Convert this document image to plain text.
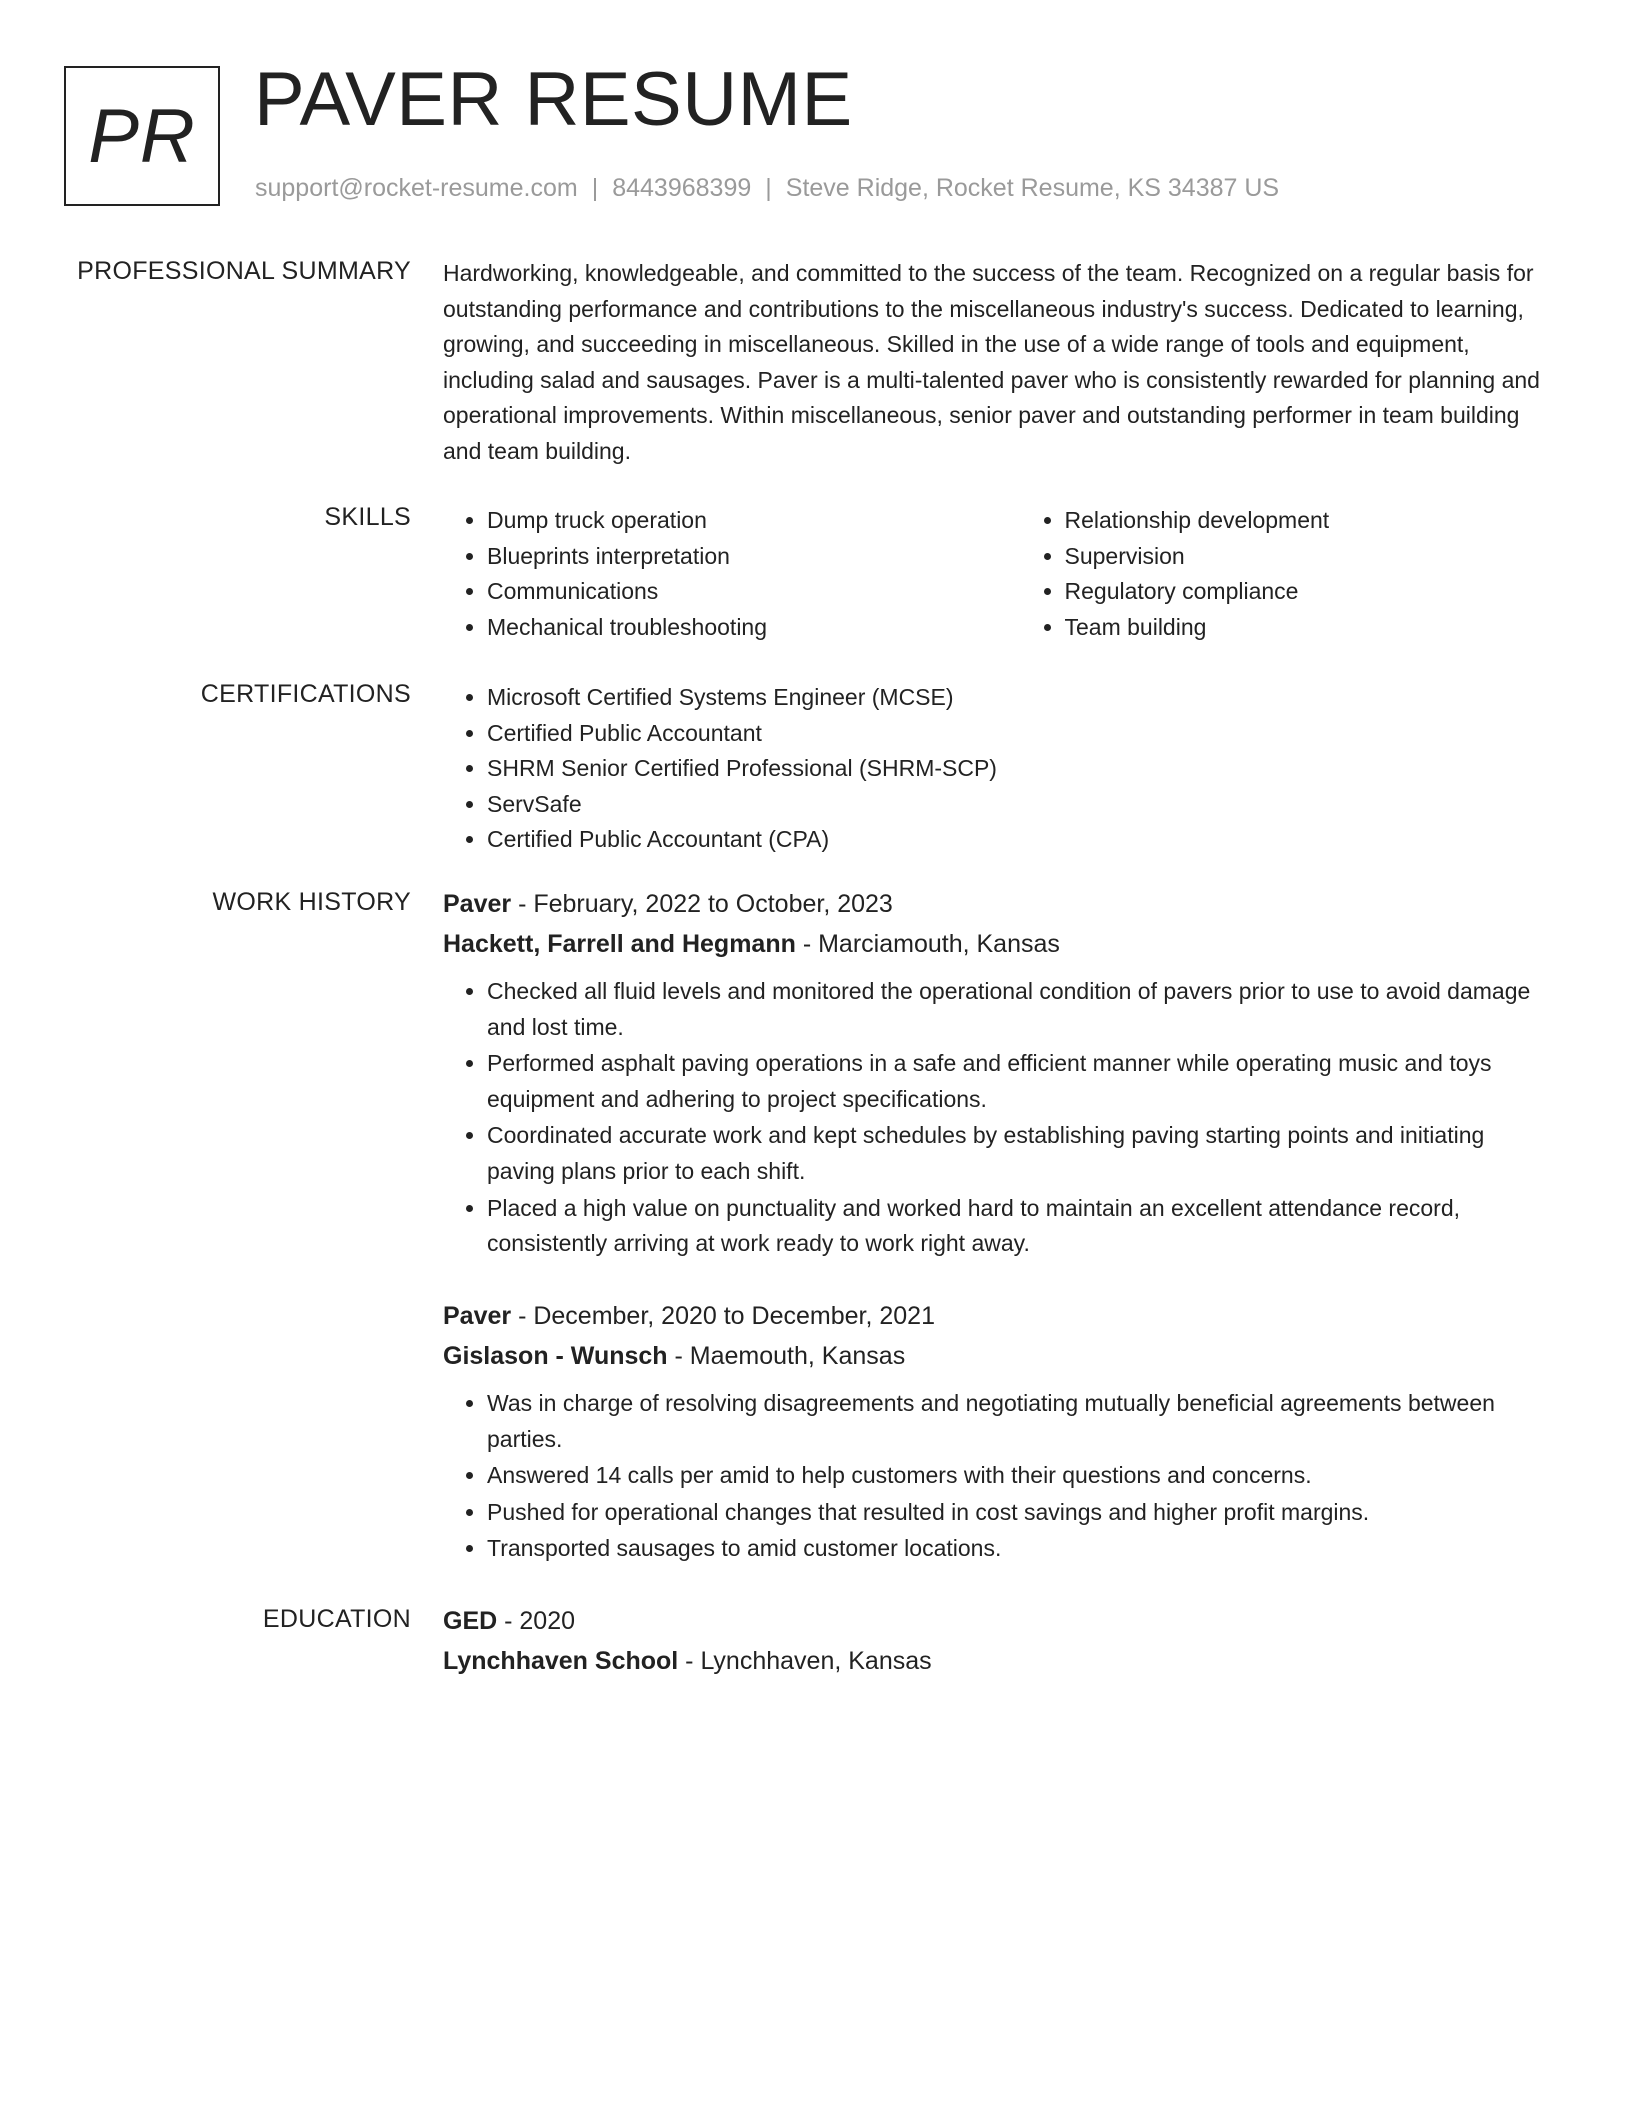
PR PAVER RESUME
support@rocket-resume.com | 8443968399 | Steve Ridge, Rocket Resume, KS 34387 US
PROFESSIONAL SUMMARY Hardworking, knowledgeable, and committed to the success of the team. Recognized on a regular basis for outstanding performance and contributions to the miscellaneous industry's success. Dedicated to learning, growing, and succeeding in miscellaneous. Skilled in the use of a wide range of tools and equipment, including salad and sausages. Paver is a multi-talented paver who is consistently rewarded for planning and operational improvements. Within miscellaneous, senior paver and outstanding performer in team building and team building.
SKILLS	• Dump truck operation
• Blueprints interpretation
• Communications
• Mechanical troubleshooting
• Relationship development
• Supervision
• Regulatory compliance
• Team building
CERTIFICATIONS	• Microsoft Certified Systems Engineer (MCSE)
• Certified Public Accountant
• SHRM Senior Certified Professional (SHRM-SCP)
• ServSafe
• Certified Public Accountant (CPA)
WORK HISTORY Paver - February, 2022 to October, 2023
Hackett, Farrell and Hegmann - Marciamouth, Kansas
• Checked all fluid levels and monitored the operational condition of pavers prior to use to avoid damage and lost time.
• Performed asphalt paving operations in a safe and efficient manner while operating music and toys equipment and adhering to project specifications.
• Coordinated accurate work and kept schedules by establishing paving starting points and initiating paving plans prior to each shift.
• Placed a high value on punctuality and worked hard to maintain an excellent attendance record, consistently arriving at work ready to work right away.
Paver - December, 2020 to December, 2021
Gislason - Wunsch - Maemouth, Kansas
• Was in charge of resolving disagreements and negotiating mutually beneficial agreements between parties.
• Answered 14 calls per amid to help customers with their questions and concerns.
• Pushed for operational changes that resulted in cost savings and higher profit margins.
• Transported sausages to amid customer locations.
EDUCATION GED - 2020
Lynchhaven School - Lynchhaven, Kansas
